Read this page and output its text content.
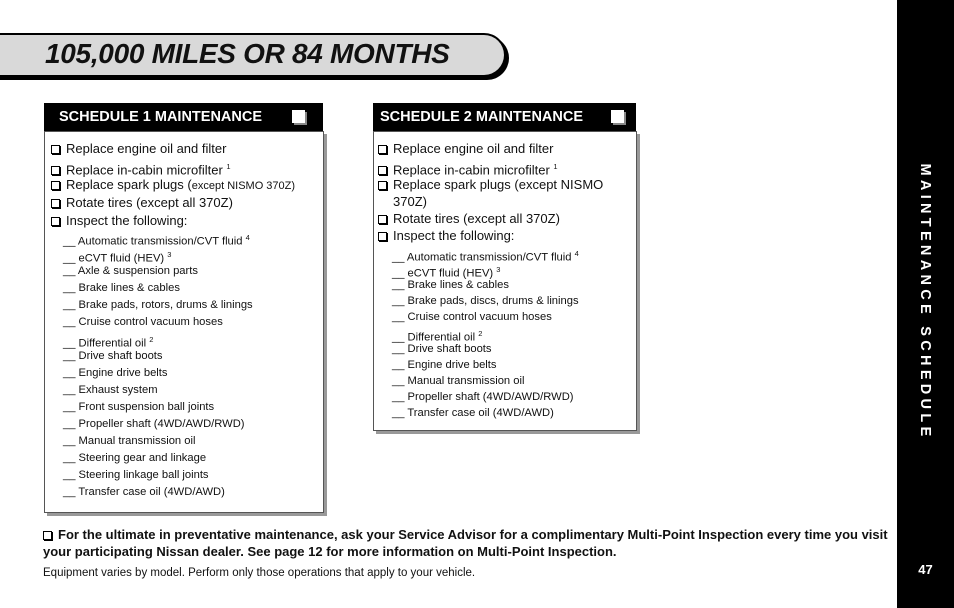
MAINTENANCE SCHEDULE
47
105,000 MILES OR 84 MONTHS
SCHEDULE 1 MAINTENANCE
Replace engine oil and filter
Replace in-cabin microfilter $^1$
Replace spark plugs (except NISMO 370Z)
Rotate tires (except all 370Z)
Inspect the following:
__ Automatic transmission/CVT fluid $^4$
__ eCVT fluid (HEV) $^3$
__ Axle & suspension parts
__ Brake lines & cables
__ Brake pads, rotors, drums & linings
__ Cruise control vacuum hoses
__ Differential oil $^2$
__ Drive shaft boots
__ Engine drive belts
__ Exhaust system
__ Front suspension ball joints
__ Propeller shaft (4WD/AWD/RWD)
__ Manual transmission oil
__ Steering gear and linkage
__ Steering linkage ball joints
__ Transfer case oil (4WD/AWD)
SCHEDULE 2 MAINTENANCE
Replace engine oil and filter
Replace in-cabin microfilter $^1$
Replace spark plugs (except NISMO
370Z)
Rotate tires (except all 370Z)
Inspect the following:
__ Automatic transmission/CVT fluid $^4$
__ eCVT fluid (HEV) $^3$
__ Brake lines & cables
__ Brake pads, discs, drums & linings
__ Cruise control vacuum hoses
__ Differential oil $^2$
__ Drive shaft boots
__ Engine drive belts
__ Manual transmission oil
__ Propeller shaft (4WD/AWD/RWD)
__ Transfer case oil (4WD/AWD)
For the ultimate in preventative maintenance, ask your Service Advisor for a complimentary Multi-Point Inspection every time you visit your participating Nissan dealer. See page 12 for more information on Multi-Point Inspection.
Equipment varies by model. Perform only those operations that apply to your vehicle.
